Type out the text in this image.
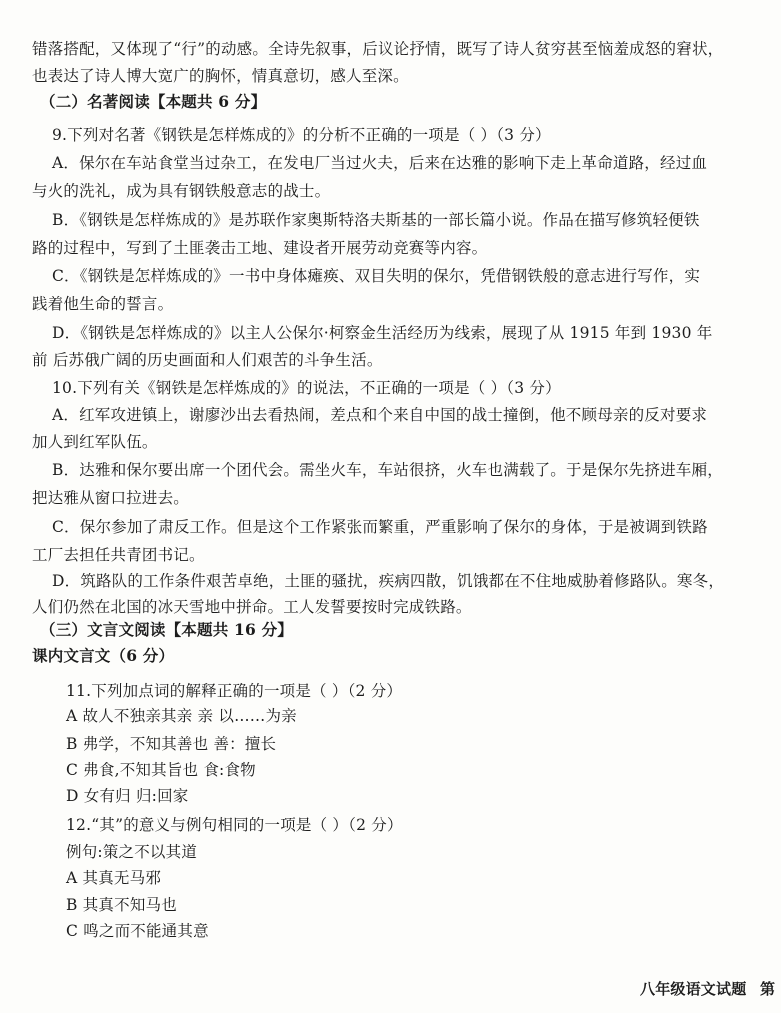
错落搭配，又体现了“行”的动感。全诗先叙事，后议论抒情，既写了诗人贫穷甚至恼羞成怒的窘状，
也表达了诗人博大宽广的胸怀，情真意切，感人至深。
（二）名著阅读【本题共 6 分】
9.下列对名著《钢铁是怎样炼成的》的分析不正确的一项是（ ）（3 分）
A．保尔在车站食堂当过杂工，在发电厂当过火夫，后来在达雅的影响下走上革命道路，经过血
与火的洗礼，成为具有钢铁般意志的战士。
B．《钢铁是怎样炼成的》是苏联作家奥斯特洛夫斯基的一部长篇小说。作品在描写修筑轻便铁
路的过程中，写到了土匪袭击工地、建设者开展劳动竞赛等内容。
C．《钢铁是怎样炼成的》一书中身体瘫痪、双目失明的保尔，凭借钢铁般的意志进行写作，实
践着他生命的誓言。
D．《钢铁是怎样炼成的》以主人公保尔·柯察金生活经历为线索，展现了从 1915 年到 1930 年
前 后苏俄广阔的历史画面和人们艰苦的斗争生活。
10.下列有关《钢铁是怎样炼成的》的说法，不正确的一项是（ ）（3 分）
A．红军攻进镇上，谢廖沙出去看热闹，差点和个来自中国的战士撞倒，他不顾母亲的反对要求
加人到红军队伍。
B．达雅和保尔要出席一个团代会。需坐火车，车站很挤，火车也满载了。于是保尔先挤进车厢，
把达雅从窗口拉进去。
C．保尔参加了肃反工作。但是这个工作紧张而繁重，严重影响了保尔的身体，于是被调到铁路
工厂去担任共青团书记。
D．筑路队的工作条件艰苦卓绝，土匪的骚扰，疾病四散，饥饿都在不住地威胁着修路队。寒冬，
人们仍然在北国的冰天雪地中拼命。工人发誓要按时完成铁路。
（三）文言文阅读【本题共 16 分】
课内文言文（6 分）
11.下列加点词的解释正确的一项是（ ）（2 分）
A 故人不独亲其亲 亲 以……为亲
B 弗学，不知其善也 善：擅长
C 弗食,不知其旨也 食:食物
D 女有归 归:回家
12.“其”的意义与例句相同的一项是（ ）（2 分）
例句:策之不以其道
A 其真无马邪
B 其真不知马也
C 鸣之而不能通其意
八年级语文试题 第
